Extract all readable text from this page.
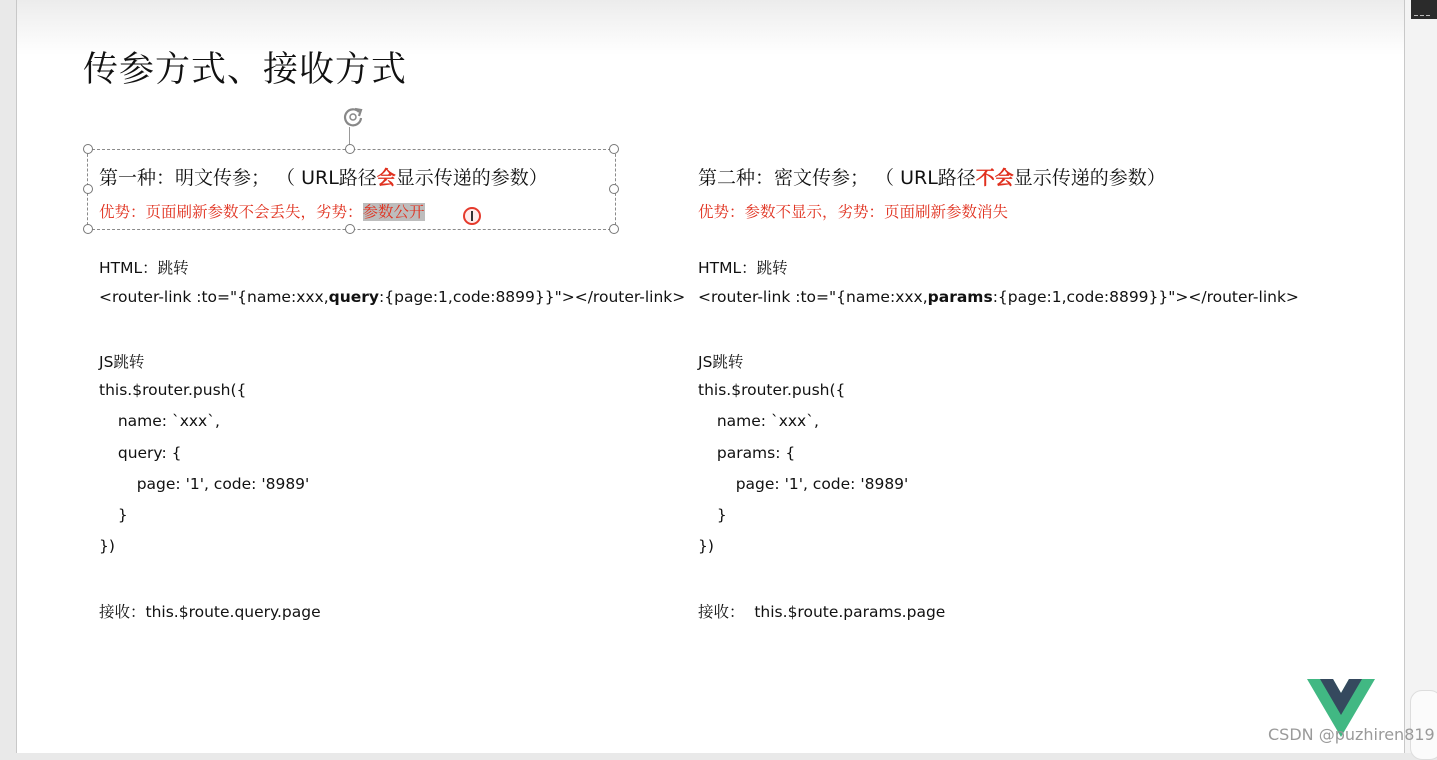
传参方式、接收方式
第一种：明文传参； （ URL路径会显示传递的参数）
优势：页面刷新参数不会丢失，劣势：参数公开
HTML：跳转
<router-link :to="{name:xxx,query:{page:1,code:8899}}"></router-link>
JS跳转
this.$router.push({
name: `xxx`,
query: {
page: '1', code: '8989'
}
})
接收：this.$route.query.page
第二种：密文传参； （ URL路径不会显示传递的参数）
优势：参数不显示，劣势：页面刷新参数消失
HTML：跳转
<router-link :to="{name:xxx,params:{page:1,code:8899}}"></router-link>
JS跳转
this.$router.push({
name: `xxx`,
params: {
page: '1', code: '8989'
}
})
接收：  this.$route.params.page
CSDN @puzhiren819
